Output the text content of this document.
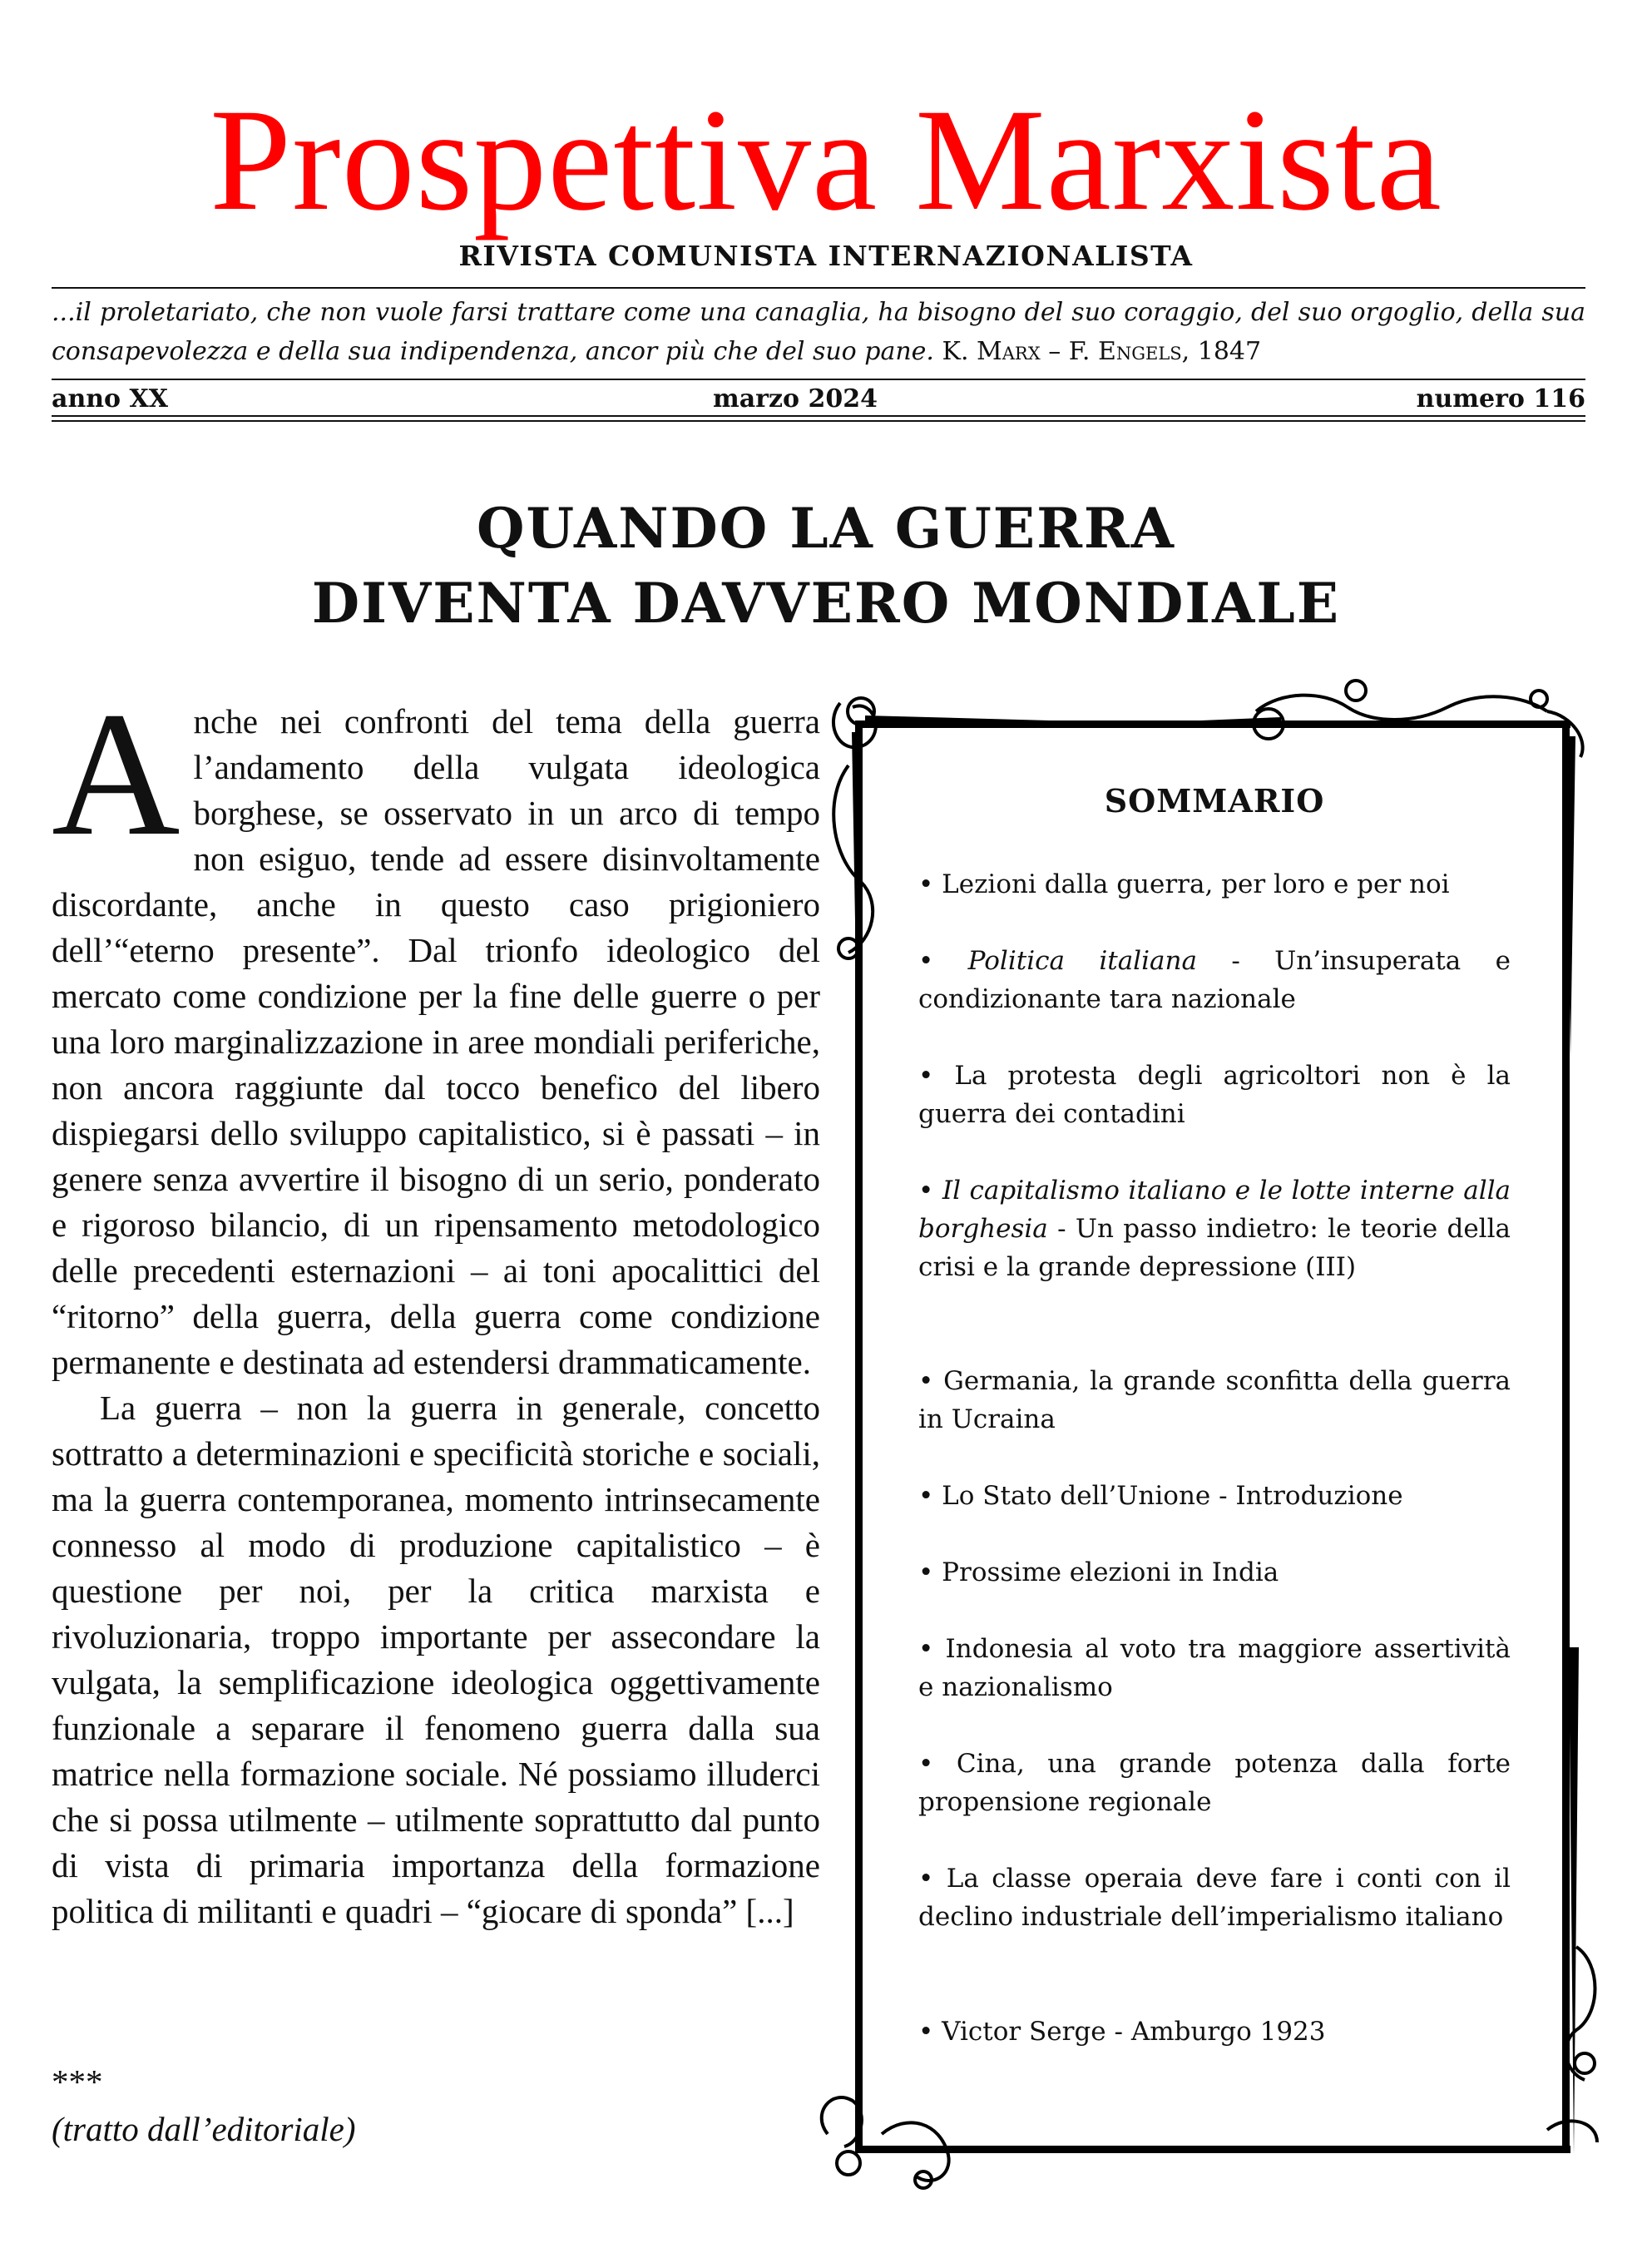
Prospettiva Marxista
RIVISTA COMUNISTA INTERNAZIONALISTA
...il proletariato, che non vuole farsi trattare come una canaglia, ha bisogno del suo coraggio, del suo orgoglio, della sua consapevolezza e della sua indipendenza, ancor più che del suo pane. K. Marx – F. Engels, 1847
anno XX	marzo 2024	numero 116
QUANDO LA GUERRA
DIVENTA DAVVERO MONDIALE

Anche nei confronti del tema della guerra l’andamento della vulgata ideologica borghese, se osservato in un arco di tempo non esiguo, tende ad essere disinvoltamente discordante, anche in questo caso prigioniero dell’“eterno presente”. Dal trionfo ideologico del mercato come condizione per la fine delle guerre o per una loro marginalizzazione in aree mondiali periferiche, non ancora raggiunte dal tocco benefico del libero dispiegarsi dello sviluppo capitalistico, si è passati – in genere senza avvertire il bisogno di un serio, ponderato e rigoroso bilancio, di un ripensamento metodologico delle precedenti esternazioni – ai toni apocalittici del “ritorno” della guerra, della guerra come condizione permanente e destinata ad estendersi drammaticamente.

La guerra – non la guerra in generale, concetto sottratto a determinazioni e specificità storiche e sociali, ma la guerra contemporanea, momento intrinsecamente connesso al modo di produzione capitalistico – è questione per noi, per la critica marxista e rivoluzionaria, troppo importante per assecondare la vulgata, la semplificazione ideologica oggettivamente funzionale a separare il fenomeno guerra dalla sua matrice nella formazione sociale. Né possiamo illuderci che si possa utilmente – utilmente soprattutto dal punto di vista di primaria importanza della formazione politica di militanti e quadri – “giocare di sponda” [...]

***
(tratto dall’editoriale)
SOMMARIO
• Lezioni dalla guerra, per loro e per noi
• Politica italiana - Un’insuperata e condizionante tara nazionale
• La protesta degli agricoltori non è la guerra dei contadini
• Il capitalismo italiano e le lotte interne alla borghesia - Un passo indietro: le teorie della crisi e la grande depressione (III)
• Germania, la grande sconfitta della guerra in Ucraina
• Lo Stato dell’Unione - Introduzione
• Prossime elezioni in India
• Indonesia al voto tra maggiore assertività e nazionalismo
• Cina, una grande potenza dalla forte propensione regionale
• La classe operaia deve fare i conti con il declino industriale dell’imperialismo italiano
• Victor Serge - Amburgo 1923
